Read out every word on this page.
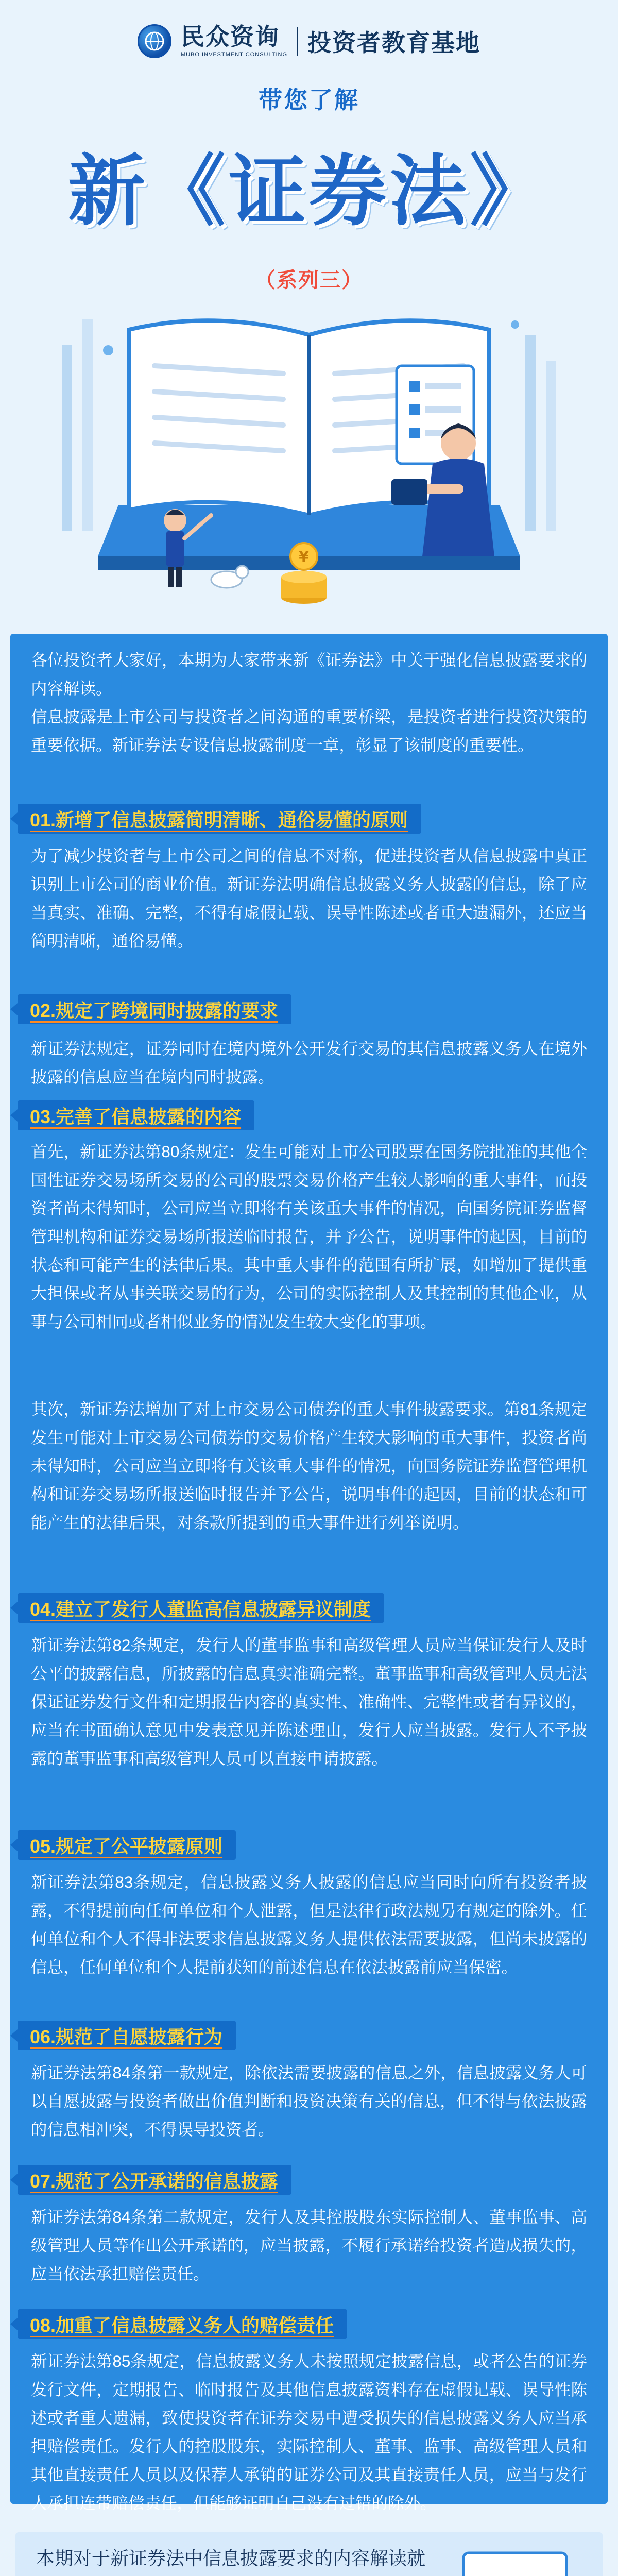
民众资询
MUBO INVESTMENT CONSULTING 投资者教育基地
带您了解
新《证券法》
（系列三）
¥

各位投资者大家好，本期为大家带来新《证券法》中关于强化信息披露要求的内容解读。

信息披露是上市公司与投资者之间沟通的重要桥梁，是投资者进行投资决策的重要依据。新证券法专设信息披露制度一章，彰显了该制度的重要性。

01.新增了信息披露简明清晰、通俗易懂的原则

为了减少投资者与上市公司之间的信息不对称，促进投资者从信息披露中真正识别上市公司的商业价值。新证券法明确信息披露义务人披露的信息，除了应当真实、准确、完整，不得有虚假记载、误导性陈述或者重大遗漏外，还应当简明清晰，通俗易懂。

02.规定了跨境同时披露的要求

新证券法规定，证券同时在境内境外公开发行交易的其信息披露义务人在境外披露的信息应当在境内同时披露。

03.完善了信息披露的内容

首先，新证券法第80条规定：发生可能对上市公司股票在国务院批准的其他全国性证券交易场所交易的公司的股票交易价格产生较大影响的重大事件，而投资者尚未得知时，公司应当立即将有关该重大事件的情况，向国务院证券监督管理机构和证券交易场所报送临时报告，并予公告，说明事件的起因，目前的状态和可能产生的法律后果。其中重大事件的范围有所扩展，如增加了提供重大担保或者从事关联交易的行为，公司的实际控制人及其控制的其他企业，从事与公司相同或者相似业务的情况发生较大变化的事项。

其次，新证券法增加了对上市交易公司债券的重大事件披露要求。第81条规定发生可能对上市交易公司债券的交易价格产生较大影响的重大事件，投资者尚未得知时，公司应当立即将有关该重大事件的情况，向国务院证券监督管理机构和证券交易场所报送临时报告并予公告，说明事件的起因，目前的状态和可能产生的法律后果，对条款所提到的重大事件进行列举说明。

04.建立了发行人董监高信息披露异议制度

新证券法第82条规定，发行人的董事监事和高级管理人员应当保证发行人及时公平的披露信息，所披露的信息真实准确完整。董事监事和高级管理人员无法保证证券发行文件和定期报告内容的真实性、准确性、完整性或者有异议的，应当在书面确认意见中发表意见并陈述理由，发行人应当披露。发行人不予披露的董事监事和高级管理人员可以直接申请披露。

05.规定了公平披露原则

新证券法第83条规定，信息披露义务人披露的信息应当同时向所有投资者披露，不得提前向任何单位和个人泄露，但是法律行政法规另有规定的除外。任何单位和个人不得非法要求信息披露义务人提供依法需要披露，但尚未披露的信息，任何单位和个人提前获知的前述信息在依法披露前应当保密。

06.规范了自愿披露行为

新证券法第84条第一款规定，除依法需要披露的信息之外，信息披露义务人可以自愿披露与投资者做出价值判断和投资决策有关的信息，但不得与依法披露的信息相冲突，不得误导投资者。

07.规范了公开承诺的信息披露

新证券法第84条第二款规定，发行人及其控股股东实际控制人、董事监事、高级管理人员等作出公开承诺的，应当披露，不履行承诺给投资者造成损失的，应当依法承担赔偿责任。

08.加重了信息披露义务人的赔偿责任

新证券法第85条规定，信息披露义务人未按照规定披露信息，或者公告的证券发行文件，定期报告、临时报告及其他信息披露资料存在虚假记载、误导性陈述或者重大遗漏，致使投资者在证券交易中遭受损失的信息披露义务人应当承担赔偿责任。发行人的控股股东，实际控制人、董事、监事、高级管理人员和其他直接责任人员以及保荐人承销的证券公司及其直接责任人员，应当与发行人承担连带赔偿责任，但能够证明自己没有过错的除外。

本期对于新证券法中信息披露要求的内容解读就
